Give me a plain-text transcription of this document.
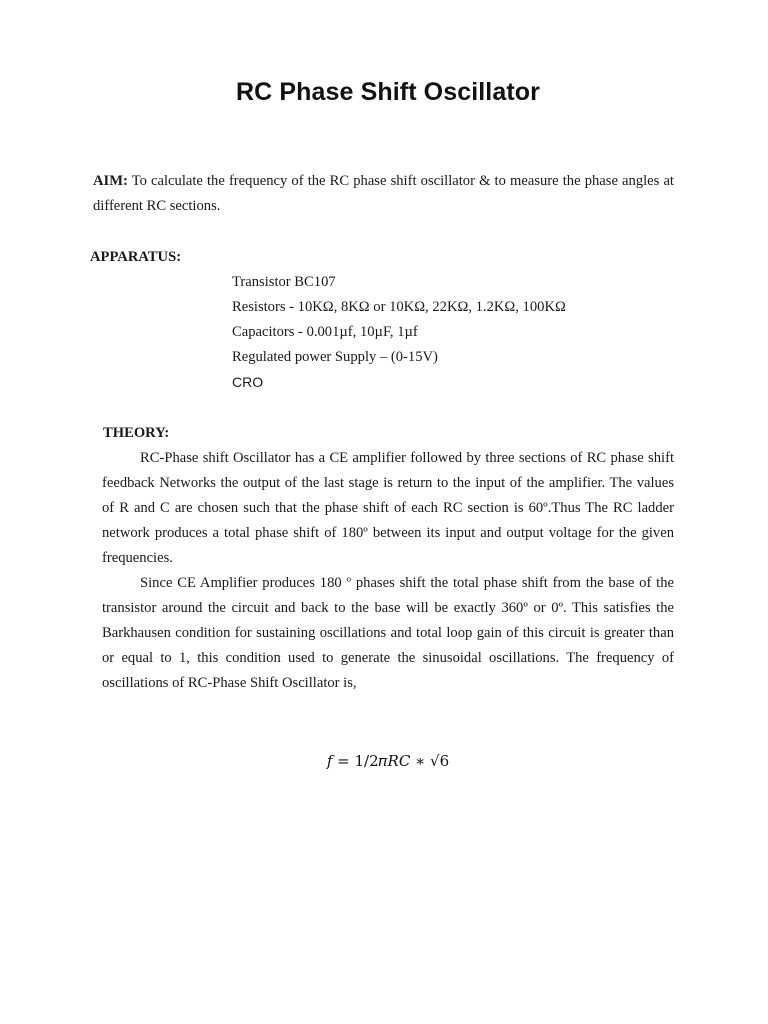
RC Phase Shift Oscillator
AIM: To calculate the frequency of the RC phase shift oscillator & to measure the phase angles at different RC sections.
APPARATUS:
Transistor BC107
Resistors - 10KΩ, 8KΩ or 10KΩ, 22KΩ, 1.2KΩ, 100KΩ
Capacitors - 0.001µf, 10µF, 1µf
Regulated power Supply – (0-15V)
CRO
THEORY:

RC-Phase shift Oscillator has a CE amplifier followed by three sections of RC phase shift feedback Networks the output of the last stage is return to the input of the amplifier. The values of R and C are chosen such that the phase shift of each RC section is 60º.Thus The RC ladder network produces a total phase shift of 180º between its input and output voltage for the given frequencies.

Since CE Amplifier produces 180 º phases shift the total phase shift from the base of the transistor around the circuit and back to the base will be exactly 360º or 0º. This satisfies the Barkhausen condition for sustaining oscillations and total loop gain of this circuit is greater than or equal to 1, this condition used to generate the sinusoidal oscillations. The frequency of oscillations of RC-Phase Shift Oscillator is,

𝑓 = 1/2𝜋𝑅𝐶 ∗ √6
